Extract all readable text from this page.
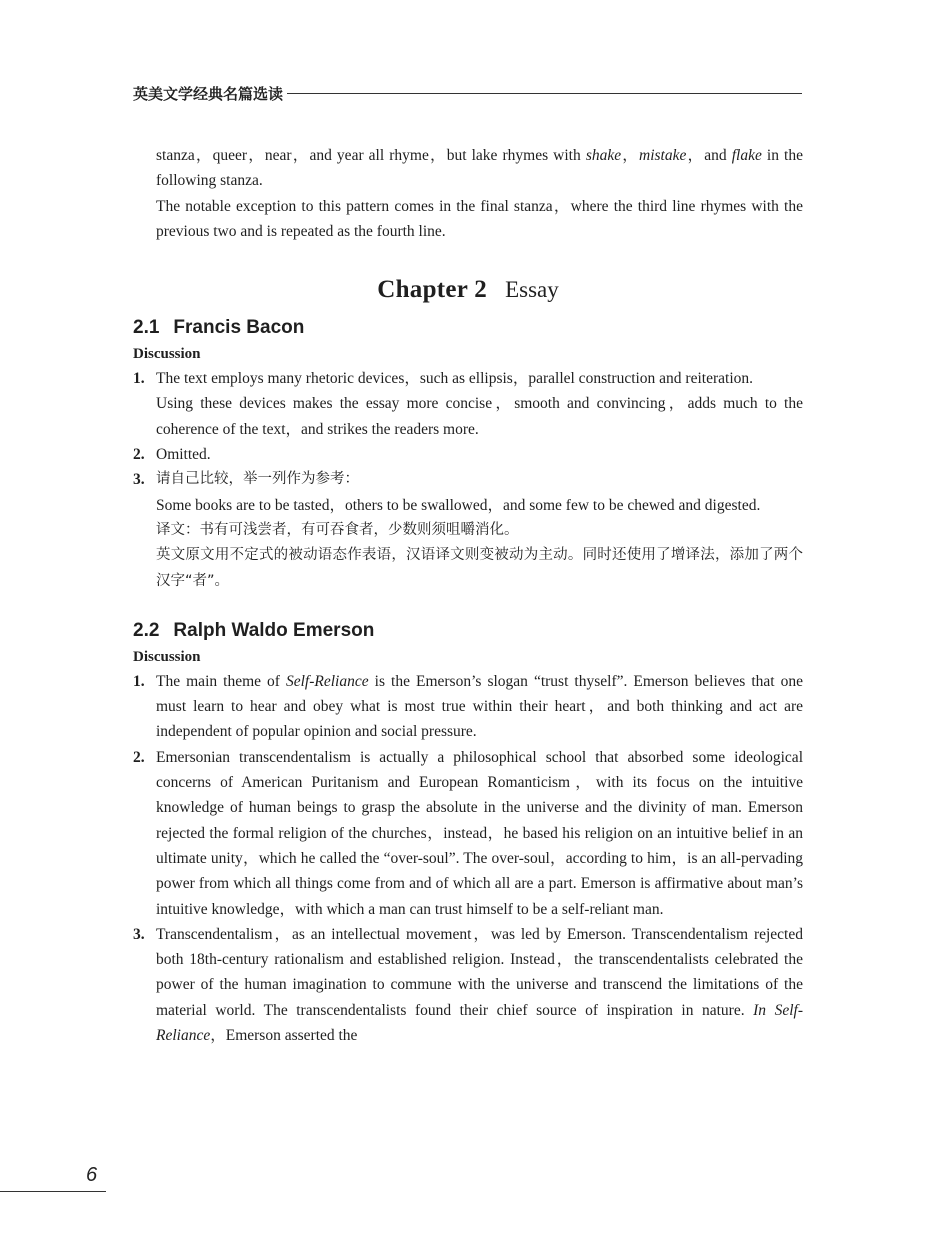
英美文学经典名篇选读

stanza，queer，near，and year all rhyme，but lake rhymes with shake，mistake，and flake in the following stanza.

The notable exception to this pattern comes in the final stanza，where the third line rhymes with the previous two and is repeated as the fourth line.

Chapter 2 Essay
2.1 Francis Bacon

Discussion

1. The text employs many rhetoric devices，such as ellipsis，parallel construction and reiteration.

Using these devices makes the essay more concise，smooth and convincing，adds much to the coherence of the text，and strikes the readers more.

2. Omitted.

3. 请自己比较，举一列作为参考：

Some books are to be tasted，others to be swallowed，and some few to be chewed and digested.

译文：书有可浅尝者，有可吞食者，少数则须咀嚼消化。

英文原文用不定式的被动语态作表语，汉语译文则变被动为主动。同时还使用了增译法，添加了两个汉字“者”。

2.2 Ralph Waldo Emerson

Discussion

1. The main theme of Self-Reliance is the Emerson’s slogan “trust thyself”. Emerson believes that one must learn to hear and obey what is most true within their heart，and both thinking and act are independent of popular opinion and social pressure.

2. Emersonian transcendentalism is actually a philosophical school that absorbed some ideological concerns of American Puritanism and European Romanticism，with its focus on the intuitive knowledge of human beings to grasp the absolute in the universe and the divinity of man. Emerson rejected the formal religion of the churches，instead，he based his religion on an intuitive belief in an ultimate unity，which he called the “over-soul”. The over-soul，according to him，is an all-pervading power from which all things come from and of which all are a part. Emerson is affirmative about man’s intuitive knowledge，with which a man can trust himself to be a self-reliant man.

3. Transcendentalism，as an intellectual movement，was led by Emerson. Transcendentalism rejected both 18th-century rationalism and established religion. Instead，the transcendentalists celebrated the power of the human imagination to commune with the universe and transcend the limitations of the material world. The transcendentalists found their chief source of inspiration in nature. In Self-Reliance，Emerson asserted the

6
